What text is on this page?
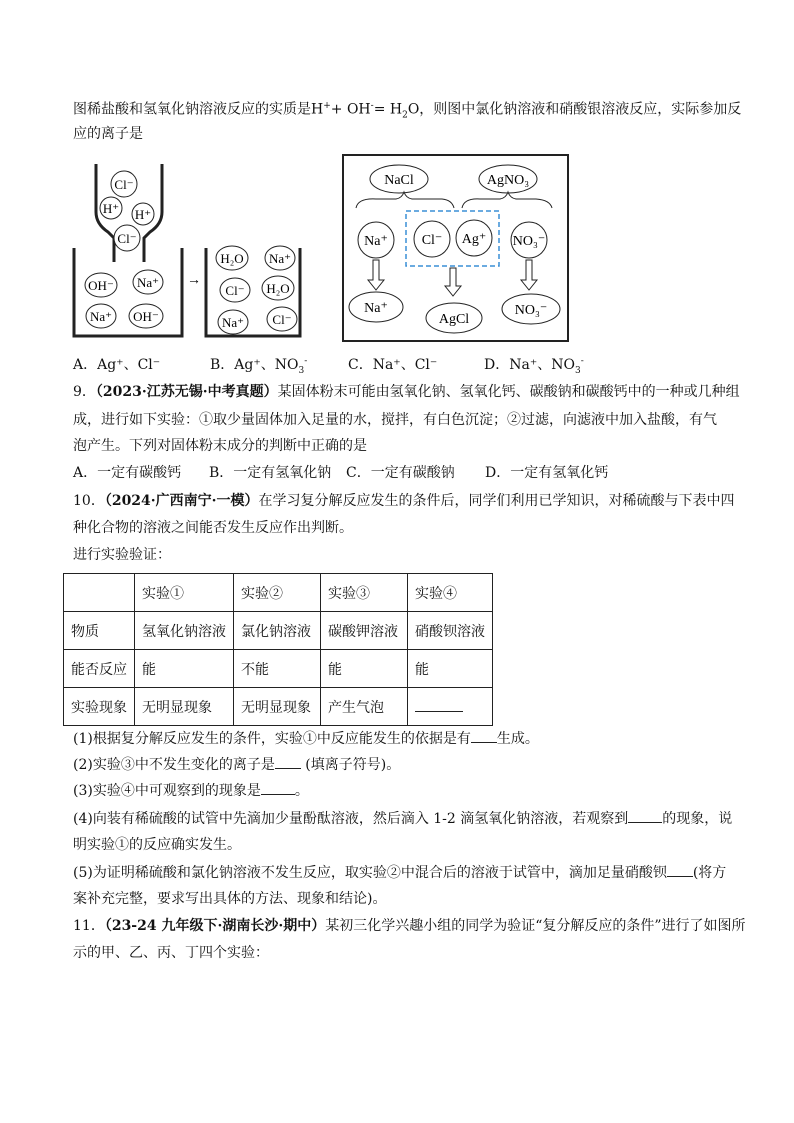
图稀盐酸和氢氧化钠溶液反应的实质是$H^++ OH^-= H_2O$，则图中氯化钠溶液和硝酸银溶液反应，实际参加反
应的离子是
Cl⁻
H⁺ H⁺
Cl⁻
OH⁻ Na⁺
Na⁺ OH⁻
→
H₂O Na⁺
Cl⁻ H₂O
Na⁺ Cl⁻
NaCl	AgNO₃
Na⁺ Cl⁻ Ag⁺ NO₃⁻
Na⁺
AgCl
NO₃⁻
A．Ag⁺、Cl⁻	B．Ag⁺、$NO_3^-$	C．Na⁺、Cl⁻	D．Na⁺、$NO_3^-$
9．（2023·江苏无锡·中考真题）某固体粉末可能由氢氧化钠、氢氧化钙、碳酸钠和碳酸钙中的一种或几种组
成，进行如下实验：①取少量固体加入足量的水，搅拌，有白色沉淀；②过滤，向滤液中加入盐酸，有气
泡产生。下列对固体粉末成分的判断中正确的是
A．一定有碳酸钙 B．一定有氢氧化钠 C．一定有碳酸钠 D．一定有氢氧化钙
10．（2024·广西南宁·一模）在学习复分解反应发生的条件后，同学们利用已学知识，对稀硫酸与下表中四
种化合物的溶液之间能否发生反应作出判断。
进行实验验证：
	实验①	实验②	实验③	实验④
物质	氢氧化钠溶液	氯化钠溶液	碳酸钾溶液	硝酸钡溶液
能否反应	能	不能	能	能
实验现象	无明显现象	无明显现象	产生气泡	
(1)根据复分解反应发生的条件，实验①中反应能发生的依据是有 生成。
(2)实验③中不发生变化的离子是 (填离子符号)。
(3)实验④中可观察到的现象是 。
(4)向装有稀硫酸的试管中先滴加少量酚酞溶液，然后滴入 1-2 滴氢氧化钠溶液，若观察到 的现象，说
明实验①的反应确实发生。
(5)为证明稀硫酸和氯化钠溶液不发生反应，取实验②中混合后的溶液于试管中，滴加足量硝酸钡 (将方
案补充完整，要求写出具体的方法、现象和结论)。
11．（23-24 九年级下·湖南长沙·期中）某初三化学兴趣小组的同学为验证“复分解反应的条件”进行了如图所
示的甲、乙、丙、丁四个实验：
